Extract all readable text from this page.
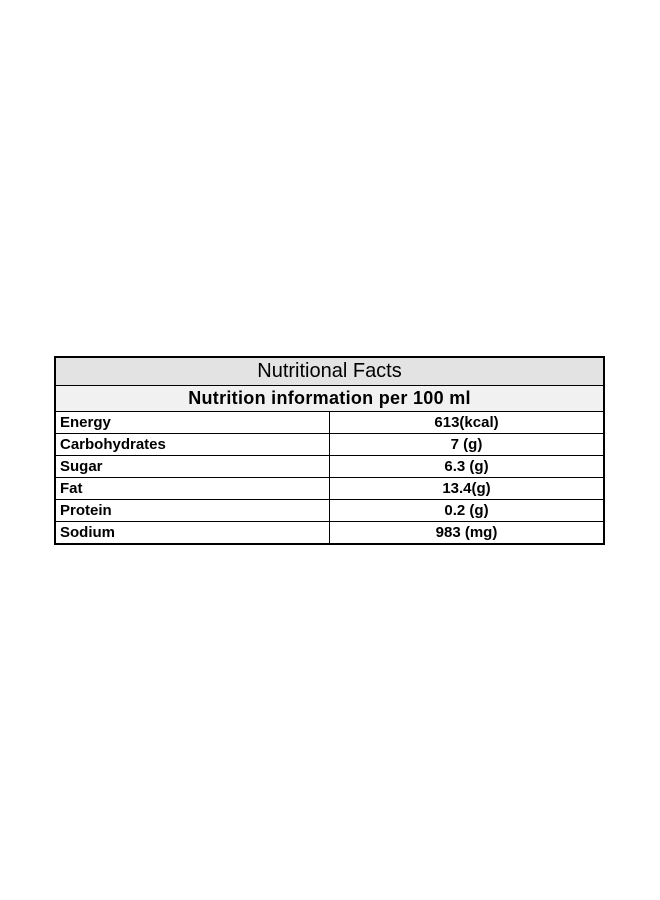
Nutritional Facts	
Nutrition information per 100 ml	
Energy	613(kcal)
Carbohydrates	7 (g)
Sugar	6.3 (g)
Fat	13.4(g)
Protein	0.2 (g)
Sodium	983 (mg)
